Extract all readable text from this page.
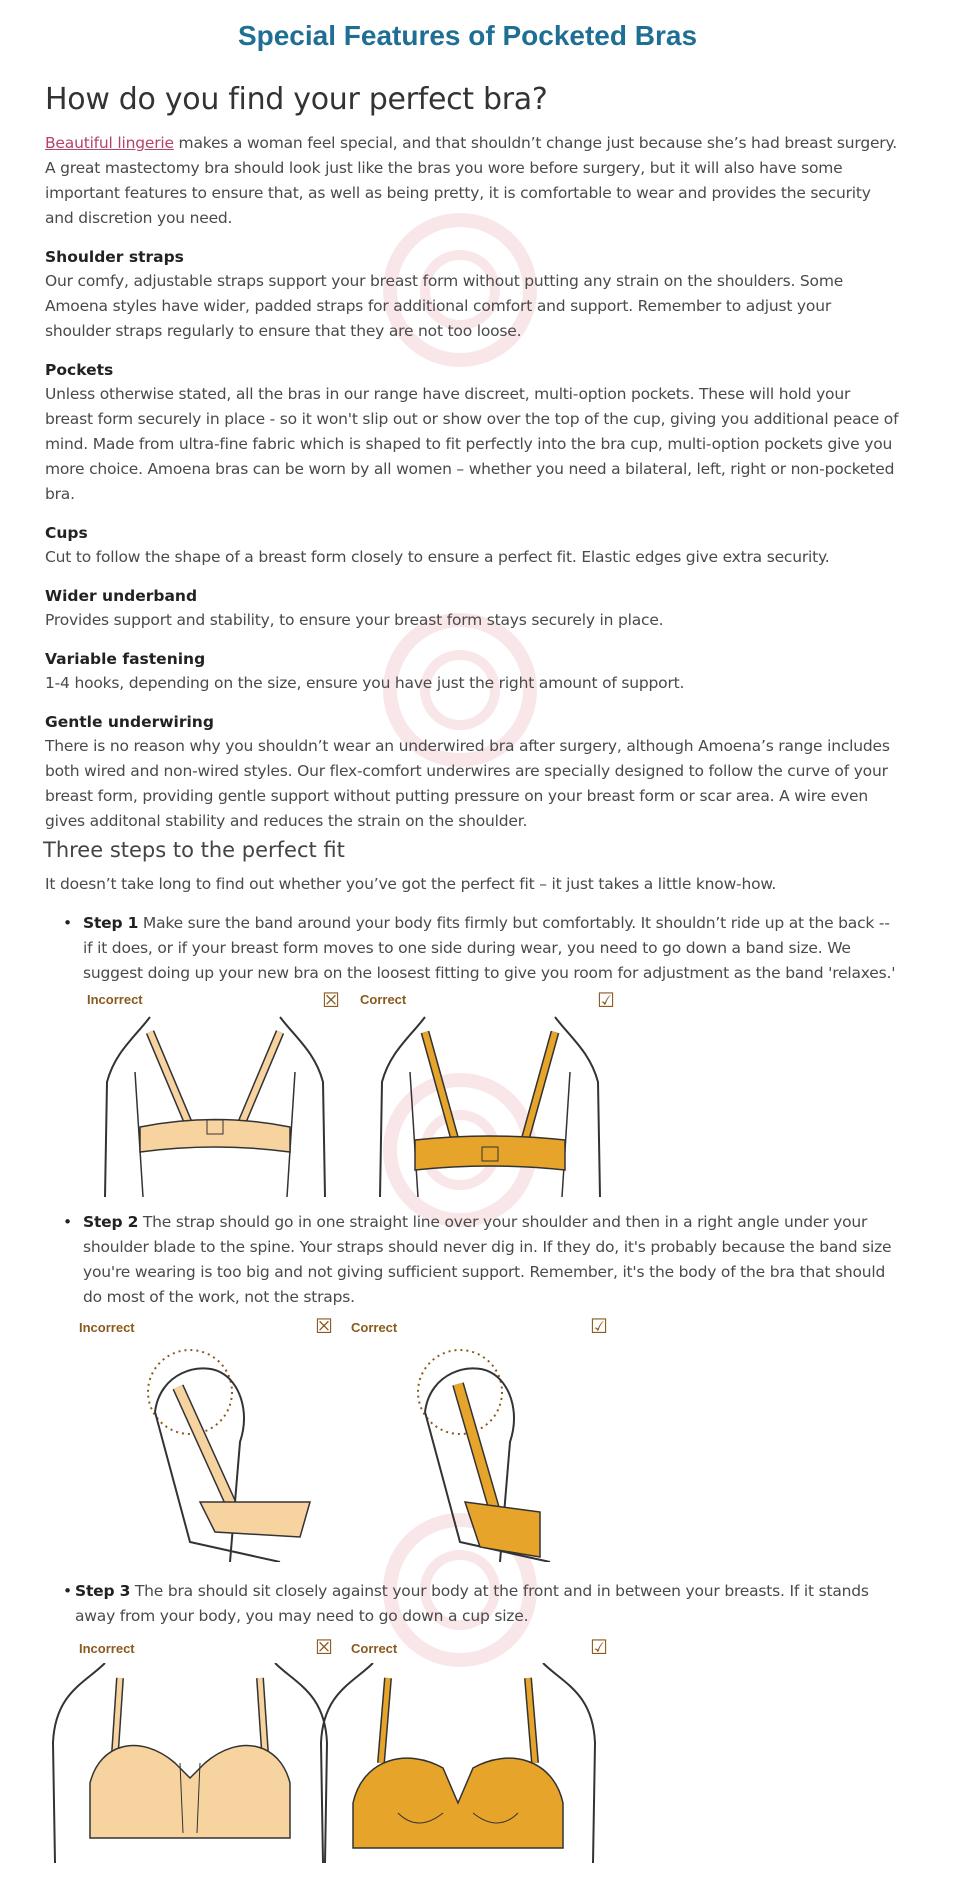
Special Features of Pocketed Bras
How do you find your perfect bra?

Beautiful lingerie makes a woman feel special, and that shouldn’t change just because she’s had breast surgery. A great mastectomy bra should look just like the bras you wore before surgery, but it will also have some important features to ensure that, as well as being pretty, it is comfortable to wear and provides the security and discretion you need.

Shoulder straps

Our comfy, adjustable straps support your breast form without putting any strain on the shoulders. Some Amoena styles have wider, padded straps for additional comfort and support. Remember to adjust your shoulder straps regularly to ensure that they are not too loose.

Pockets

Unless otherwise stated, all the bras in our range have discreet, multi-option pockets. These will hold your breast form securely in place - so it won't slip out or show over the top of the cup, giving you additional peace of mind. Made from ultra-fine fabric which is shaped to fit perfectly into the bra cup, multi-option pockets give you more choice. Amoena bras can be worn by all women – whether you need a bilateral, left, right or non-pocketed bra.

Cups

Cut to follow the shape of a breast form closely to ensure a perfect fit. Elastic edges give extra security.

Wider underband

Provides support and stability, to ensure your breast form stays securely in place.

Variable fastening

1-4 hooks, depending on the size, ensure you have just the right amount of support.

Gentle underwiring

There is no reason why you shouldn’t wear an underwired bra after surgery, although Amoena’s range includes both wired and non-wired styles. Our flex-comfort underwires are specially designed to follow the curve of your breast form, providing gentle support without putting pressure on your breast form or scar area. A wire even gives additonal stability and reduces the strain on the shoulder.

Three steps to the perfect fit

It doesn’t take long to find out whether you’ve got the perfect fit – it just takes a little know-how.

• Step 1 Make sure the band around your body fits firmly but comfortably. It shouldn’t ride up at the back -- if it does, or if your breast form moves to one side during wear, you need to go down a band size. We suggest doing up your new bra on the loosest fitting to give you room for adjustment as the band 'relaxes.'
Incorrect	☒ Correct	☑
• Step 2 The strap should go in one straight line over your shoulder and then in a right angle under your shoulder blade to the spine. Your straps should never dig in. If they do, it's probably because the band size you're wearing is too big and not giving sufficient support. Remember, it's the body of the bra that should do most of the work, not the straps.
Incorrect	☒ Correct	☑
• Step 3 The bra should sit closely against your body at the front and in between your breasts. If it stands away from your body, you may need to go down a cup size.
Incorrect	☒ Correct	☑
